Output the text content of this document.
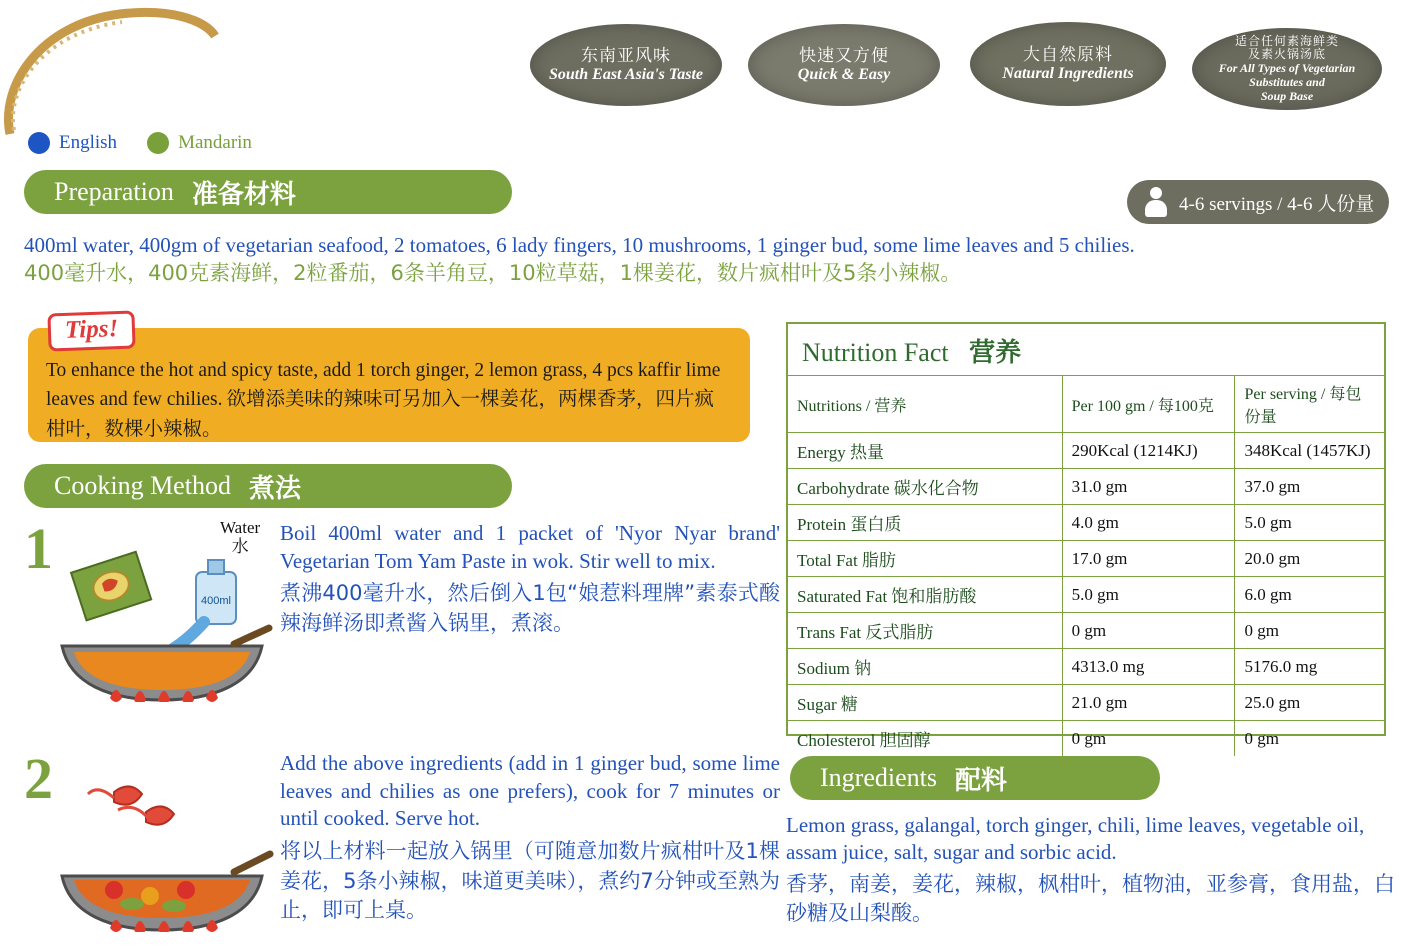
东南亚风味
South East Asia's Taste
快速又方便
Quick & Easy
大自然原料
Natural Ingredients
适合任何素海鲜类
及素火锅汤底
For All Types of Vegetarian
Substitutes and
Soup Base
English	Mandarin
Preparation 准备材料	4-6 servings / 4-6 人份量
400ml water, 400gm of vegetarian seafood, 2 tomatoes, 6 lady fingers, 10 mushrooms, 1 ginger bud, some lime leaves and 5 chilies.
400毫升水，400克素海鲜，2粒番茄，6条羊角豆，10粒草菇，1棵姜花，数片疯柑叶及5条小辣椒。
Tips!
To enhance the hot and spicy taste, add 1 torch ginger, 2 lemon grass, 4 pcs kaffir lime leaves and few chilies. 欲增添美味的辣味可另加入一棵姜花，两棵香茅，四片疯柑叶，数棵小辣椒。
Cooking Method 煮法
1	Water
水
400ml
Boil 400ml water and 1 packet of 'Nyor Nyar brand' Vegetarian Tom Yam Paste in wok. Stir well to mix.
煮沸400毫升水，然后倒入1包“娘惹料理牌”素泰式酸辣海鲜汤即煮酱入锅里，煮滚。
2	Add the above ingredients (add in 1 ginger bud, some lime leaves and chilies as one prefers), cook for 7 minutes or until cooked. Serve hot.
将以上材料一起放入锅里（可随意加数片疯柑叶及1棵姜花，5条小辣椒，味道更美味），煮约7分钟或至熟为止，即可上桌。
Nutrition Fact 营养
Nutritions / 营养	Per 100 gm / 每100克	Per serving / 每包份量
Energy 热量	290Kcal (1214KJ)	348Kcal (1457KJ)
Carbohydrate 碳水化合物	31.0 gm	37.0 gm
Protein 蛋白质	4.0 gm	5.0 gm
Total Fat 脂肪	17.0 gm	20.0 gm
Saturated Fat 饱和脂肪酸	5.0 gm	6.0 gm
Trans Fat 反式脂肪	0 gm	0 gm
Sodium 钠	4313.0 mg	5176.0 mg
Sugar 糖	21.0 gm	25.0 gm
Cholesterol 胆固醇	0 gm	0 gm
Ingredients 配料
Lemon grass, galangal, torch ginger, chili, lime leaves, vegetable oil, assam juice, salt, sugar and sorbic acid.
香茅，南姜，姜花，辣椒，枫柑叶，植物油，亚参膏，食用盐，白砂糖及山梨酸。
